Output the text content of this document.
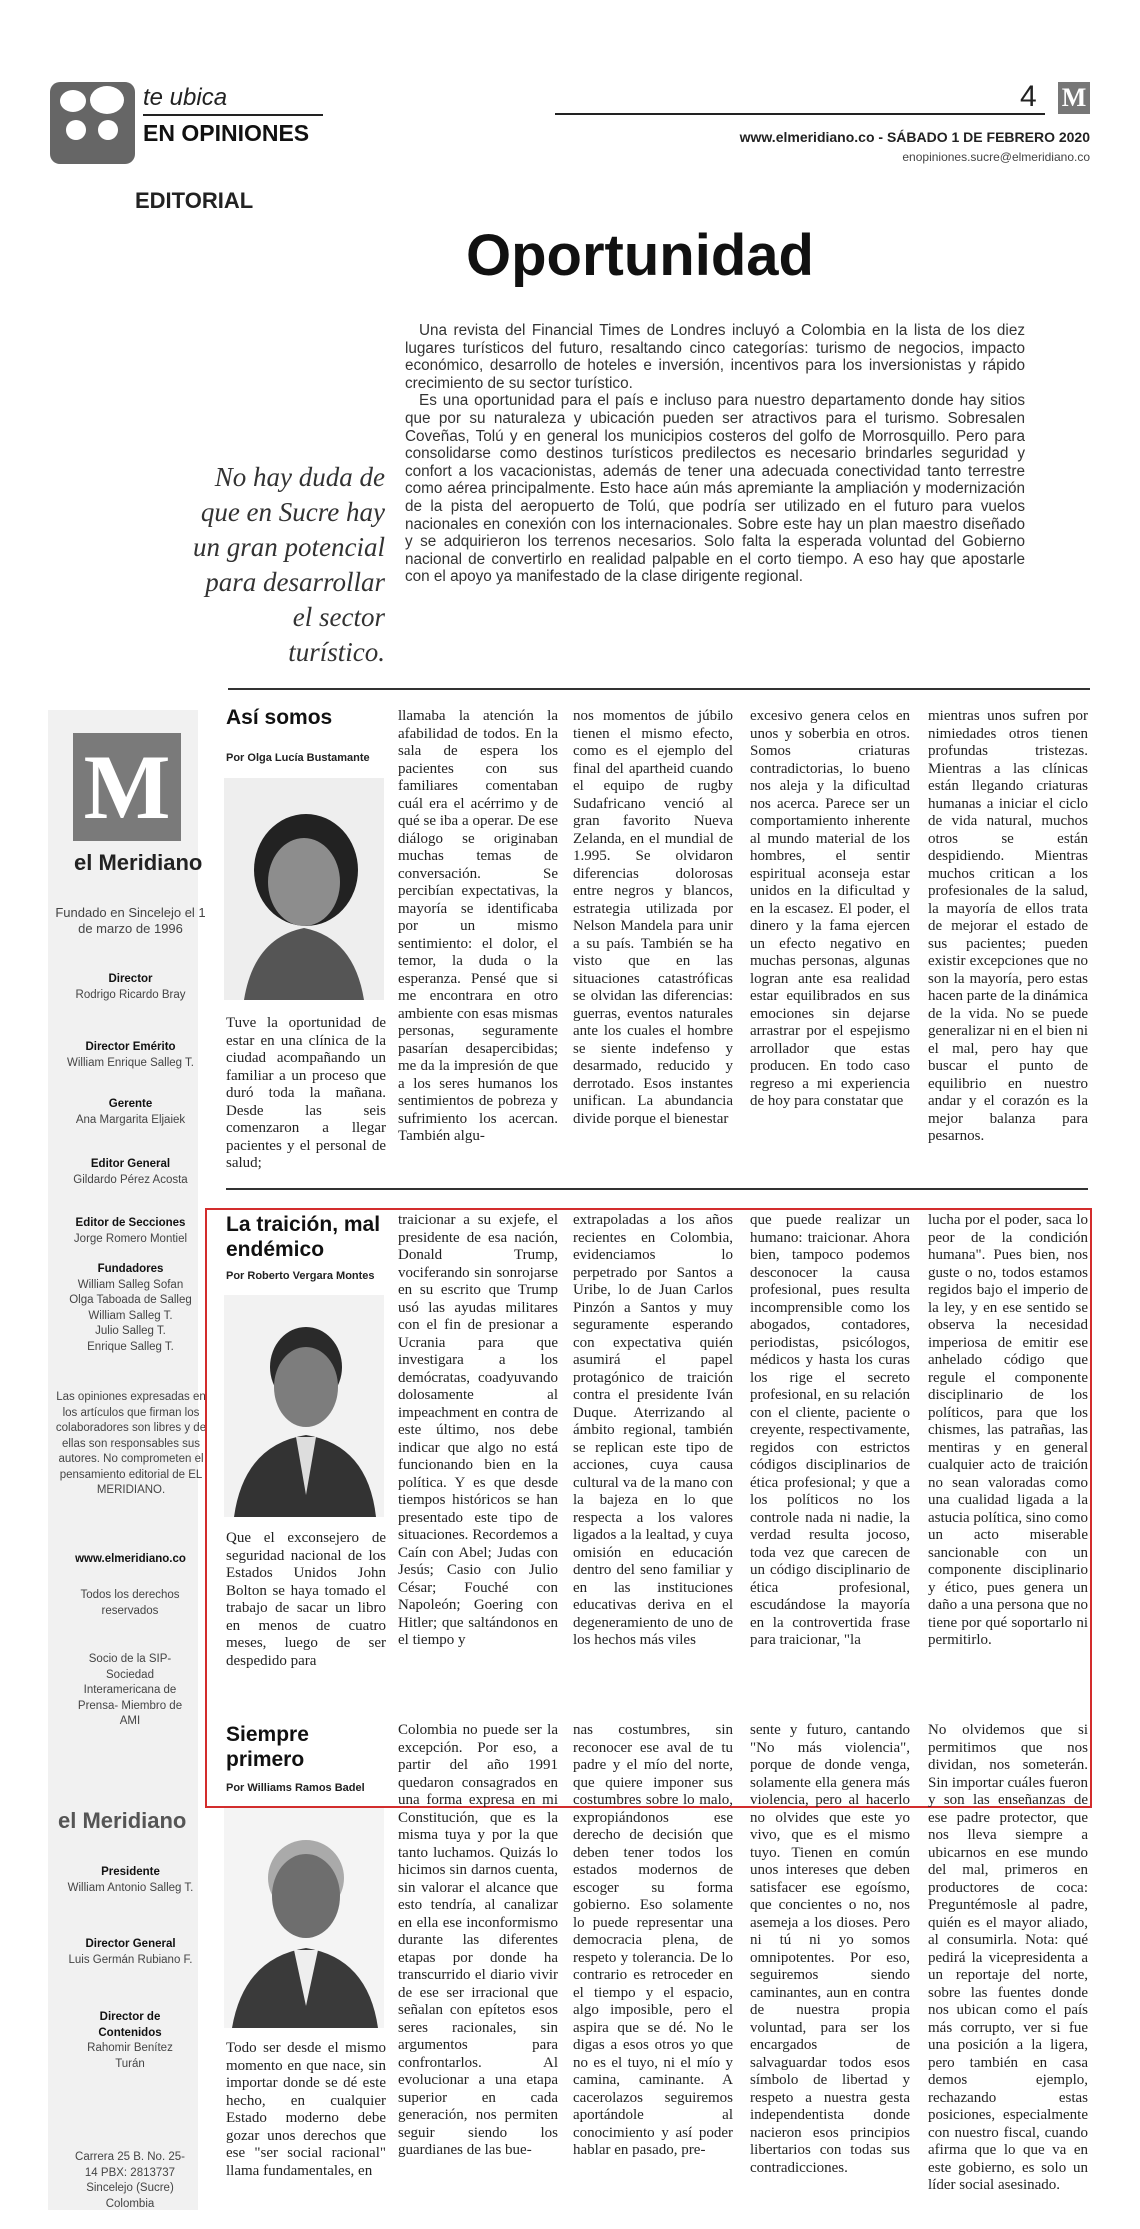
te ubica
EN OPINIONES
4 M
www.elmeridiano.co - SÁBADO 1 DE FEBRERO 2020
enopiniones.sucre@elmeridiano.co
EDITORIAL
Oportunidad
No hay duda de que en Sucre hay un gran potencial para desarrollar el sector turístico.

Una revista del Financial Times de Londres incluyó a Colombia en la lista de los diez lugares turísticos del futuro, resaltando cinco categorías: turismo de negocios, impacto económico, desarrollo de hoteles e inversión, incentivos para los inversionistas y rápido crecimiento de su sector turístico.

Es una oportunidad para el país e incluso para nuestro departamento donde hay sitios que por su naturaleza y ubicación pueden ser atractivos para el turismo. Sobresalen Coveñas, Tolú y en general los municipios costeros del golfo de Morrosquillo. Pero para consolidarse como destinos turísticos predilectos es necesario brindarles seguridad y confort a los vacacionistas, además de tener una adecuada conectividad tanto terrestre como aérea principalmente. Esto hace aún más apremiante la ampliación y modernización de la pista del aeropuerto de Tolú, que podría ser utilizado en el futuro para vuelos nacionales en conexión con los internacionales. Sobre este hay un plan maestro diseñado y se adquirieron los terrenos necesarios. Solo falta la esperada voluntad del Gobierno nacional de convertirlo en realidad palpable en el corto tiempo. A eso hay que apostarle con el apoyo ya manifestado de la clase dirigente regional.

M
el Meridiano
Fundado en Sincelejo el 1 de marzo de 1996
Director
Rodrigo Ricardo Bray
Director Emérito
William Enrique Salleg T.
Gerente
Ana Margarita Eljaiek
Editor General
Gildardo Pérez Acosta
Editor de Secciones
Jorge Romero Montiel
Fundadores
William Salleg Sofan
Olga Taboada de Salleg
William Salleg T.
Julio Salleg T.
Enrique Salleg T.
Las opiniones expresadas en los artículos que firman los colaboradores son libres y de ellas son responsables sus autores. No comprometen el pensamiento editorial de EL MERIDIANO.
www.elmeridiano.co
Todos los derechos reservados
Socio de la SIP- Sociedad Interamericana de Prensa- Miembro de AMI
el Meridiano
Presidente
William Antonio Salleg T.
Director General
Luis Germán Rubiano F.
Director de Contenidos
Rahomir Benítez Turán
Carrera 25 B. No. 25-14 PBX: 2813737 Sincelejo (Sucre) Colombia
Así somos
Por Olga Lucía Bustamante
Tuve la oportunidad de estar en una clínica de la ciudad acompañando un familiar a un proceso que duró toda la mañana. Desde las seis comenzaron a llegar pacientes y el personal de salud;
llamaba la atención la afabilidad de todos. En la sala de espera los pacientes con sus familiares comentaban cuál era el acérrimo y de qué se iba a operar. De ese diálogo se originaban muchas temas de conversación. Se percibían expectativas, la mayoría se identificaba por un mismo sentimiento: el dolor, el temor, la duda o la esperanza. Pensé que si me encontrara en otro ambiente con esas mismas personas, seguramente pasarían desapercibidas; me da la impresión de que a los seres humanos los sentimientos de pobreza y sufrimiento los acercan. También algu-
nos momentos de júbilo tienen el mismo efecto, como es el ejemplo del final del apartheid cuando el equipo de rugby Sudafricano venció al gran favorito Nueva Zelanda, en el mundial de 1.995. Se olvidaron diferencias dolorosas entre negros y blancos, estrategia utilizada por Nelson Mandela para unir a su país. También se ha visto que en las situaciones catastróficas se olvidan las diferencias: guerras, eventos naturales ante los cuales el hombre se siente indefenso y desarmado, reducido y derrotado. Esos instantes unifican. La abundancia divide porque el bienestar
excesivo genera celos en unos y soberbia en otros. Somos criaturas contradictorias, lo bueno nos aleja y la dificultad nos acerca. Parece ser un comportamiento inherente al mundo material de los hombres, el sentir espiritual aconseja estar unidos en la dificultad y en la escasez. El poder, el dinero y la fama ejercen un efecto negativo en muchas personas, algunas logran ante esa realidad estar equilibrados en sus emociones sin dejarse arrastrar por el espejismo arrollador que estas producen. En todo caso regreso a mi experiencia de hoy para constatar que
mientras unos sufren por nimiedades otros tienen profundas tristezas. Mientras a las clínicas están llegando criaturas humanas a iniciar el ciclo de vida natural, muchos otros se están despidiendo. Mientras muchos critican a los profesionales de la salud, la mayoría de ellos trata de mejorar el estado de sus pacientes; pueden existir excepciones que no son la mayoría, pero estas hacen parte de la dinámica de la vida. No se puede generalizar ni en el bien ni el mal, pero hay que buscar el punto de equilibrio en nuestro andar y el corazón es la mejor balanza para pesarnos.
La traición, mal endémico
Por Roberto Vergara Montes
Que el exconsejero de seguridad nacional de los Estados Unidos John Bolton se haya tomado el trabajo de sacar un libro en menos de cuatro meses, luego de ser despedido para
traicionar a su exjefe, el presidente de esa nación, Donald Trump, vociferando sin sonrojarse en su escrito que Trump usó las ayudas militares con el fin de presionar a Ucrania para que investigara a los demócratas, coadyuvando dolosamente al impeachment en contra de este último, nos debe indicar que algo no está funcionando bien en la política. Y es que desde tiempos históricos se han presentado este tipo de situaciones. Recordemos a Caín con Abel; Judas con Jesús; Casio con Julio César; Fouché con Napoleón; Goering con Hitler; que saltándonos en el tiempo y
extrapoladas a los años recientes en Colombia, evidenciamos lo perpetrado por Santos a Uribe, lo de Juan Carlos Pinzón a Santos y muy seguramente esperando con expectativa quién asumirá el papel protagónico de traición contra el presidente Iván Duque. Aterrizando al ámbito regional, también se replican este tipo de acciones, cuya causa cultural va de la mano con la bajeza en lo que respecta a los valores ligados a la lealtad, y cuya omisión en educación dentro del seno familiar y en las instituciones educativas deriva en el degeneramiento de uno de los hechos más viles
que puede realizar un humano: traicionar. Ahora bien, tampoco podemos desconocer la causa profesional, pues resulta incomprensible como los abogados, contadores, periodistas, psicólogos, médicos y hasta los curas los rige el secreto profesional, en su relación con el cliente, paciente o creyente, respectivamente, regidos con estrictos códigos disciplinarios de ética profesional; y que a los políticos no los controle nada ni nadie, la verdad resulta jocoso, toda vez que carecen de un código disciplinario de ética profesional, escudándose la mayoría en la controvertida frase para traicionar, "la
lucha por el poder, saca lo peor de la condición humana". Pues bien, nos guste o no, todos estamos regidos bajo el imperio de la ley, y en ese sentido se observa la necesidad imperiosa de emitir ese anhelado código que regule el componente disciplinario de los políticos, para que los chismes, las patrañas, las mentiras y en general cualquier acto de traición no sean valoradas como una cualidad ligada a la astucia política, sino como un acto miserable sancionable con un componente disciplinario y ético, pues genera un daño a una persona que no tiene por qué soportarlo ni permitirlo.
Siempre primero
Por Williams Ramos Badel
Todo ser desde el mismo momento en que nace, sin importar donde se dé este hecho, en cualquier Estado moderno debe gozar unos derechos que ese "ser social racional" llama fundamentales, en
Colombia no puede ser la excepción. Por eso, a partir del año 1991 quedaron consagrados en una forma expresa en mi Constitución, que es la misma tuya y por la que tanto luchamos. Quizás lo hicimos sin darnos cuenta, sin valorar el alcance que esto tendría, al canalizar en ella ese inconformismo durante las diferentes etapas por donde ha transcurrido el diario vivir de ese ser irracional que señalan con epítetos esos seres racionales, sin argumentos para confrontarlos. Al evolucionar a una etapa superior en cada generación, nos permiten seguir siendo los guardianes de las bue-
nas costumbres, sin reconocer ese aval de tu padre y el mío del norte, que quiere imponer sus costumbres sobre lo malo, expropiándonos ese derecho de decisión que deben tener todos los estados modernos de escoger su forma gobierno. Eso solamente lo puede representar una democracia plena, de respeto y tolerancia. De lo contrario es retroceder en el tiempo y el espacio, algo imposible, pero el aspira que se dé. No le digas a esos otros yo que no es el tuyo, ni el mío y camina, caminante. A cacerolazos seguiremos aportándole al conocimiento y así poder hablar en pasado, pre-
sente y futuro, cantando "No más violencia", porque de donde venga, solamente ella genera más violencia, pero al hacerlo no olvides que este yo vivo, que es el mismo tuyo. Tienen en común unos intereses que deben satisfacer ese egoísmo, que concientes o no, nos asemeja a los dioses. Pero ni tú ni yo somos omnipotentes. Por eso, seguiremos siendo caminantes, aun en contra de nuestra propia voluntad, para ser los encargados de salvaguardar todos esos símbolo de libertad y respeto a nuestra gesta independentista donde nacieron esos principios libertarios con todas sus contradicciones.
No olvidemos que si permitimos que nos dividan, nos someterán. Sin importar cuáles fueron y son las enseñanzas de ese padre protector, que nos lleva siempre a ubicarnos en ese mundo del mal, primeros en productores de coca: Preguntémosle al padre, quién es el mayor aliado, al consumirla. Nota: qué pedirá la vicepresidenta a un reportaje del norte, sobre las fuentes donde nos ubican como el país más corrupto, ver si fue una posición a la ligera, pero también en casa demos ejemplo, rechazando estas posiciones, especialmente con nuestro fiscal, cuando afirma que lo que va en este gobierno, es solo un líder social asesinado.
